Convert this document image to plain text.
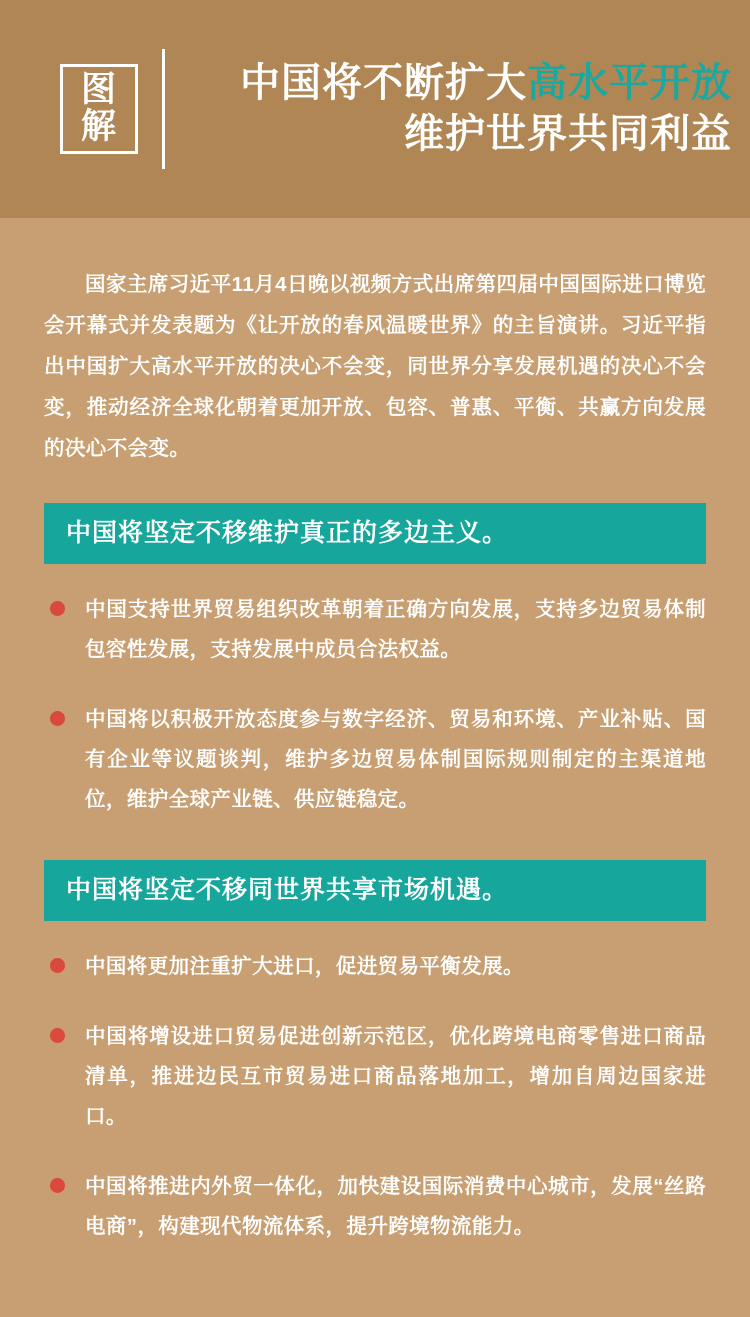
图
解
中国将不断扩大高水平开放
维护世界共同利益

国家主席习近平11月4日晚以视频方式出席第四届中国国际进口博览会开幕式并发表题为《让开放的春风温暖世界》的主旨演讲。习近平指出中国扩大高水平开放的决心不会变，同世界分享发展机遇的决心不会变，推动经济全球化朝着更加开放、包容、普惠、平衡、共赢方向发展的决心不会变。

中国将坚定不移维护真正的多边主义。
中国支持世界贸易组织改革朝着正确方向发展，支持多边贸易体制包容性发展，支持发展中成员合法权益。
中国将以积极开放态度参与数字经济、贸易和环境、产业补贴、国有企业等议题谈判，维护多边贸易体制国际规则制定的主渠道地位，维护全球产业链、供应链稳定。
中国将坚定不移同世界共享市场机遇。
中国将更加注重扩大进口，促进贸易平衡发展。
中国将增设进口贸易促进创新示范区，优化跨境电商零售进口商品清单，推进边民互市贸易进口商品落地加工，增加自周边国家进口。
中国将推进内外贸一体化，加快建设国际消费中心城市，发展“丝路电商”，构建现代物流体系，提升跨境物流能力。
